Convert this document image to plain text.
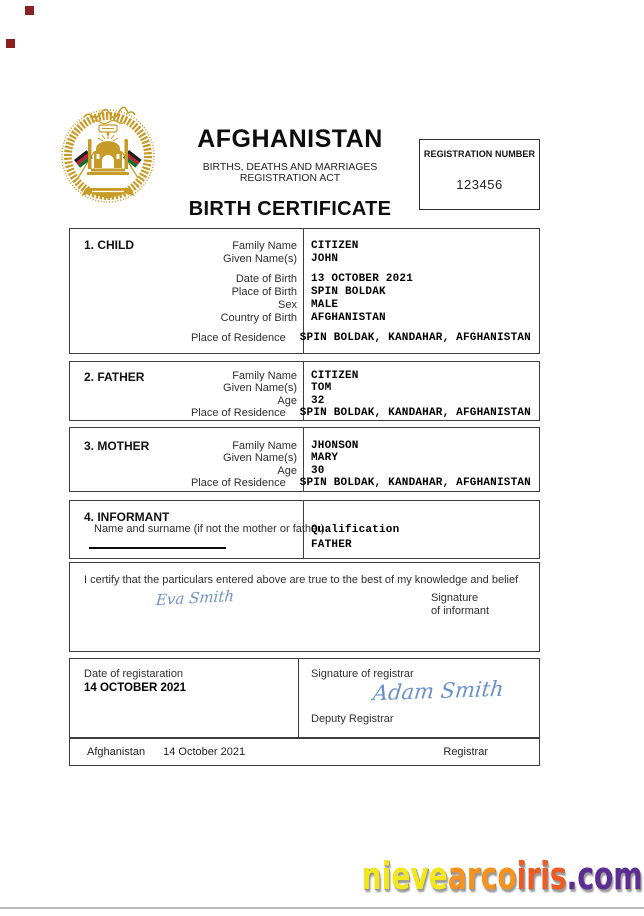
AFGHANISTAN
BIRTHS, DEATHS AND MARRIAGES REGISTRATION ACT
BIRTH CERTIFICATE
REGISTRATION NUMBER
123456
1. CHILD	Family Name CITIZEN
Given Name(s) JOHN
Date of Birth 13 OCTOBER 2021
Place of Birth SPIN BOLDAK
Sex MALE
Country of Birth AFGHANISTAN
Place of Residence SPIN BOLDAK, KANDAHAR, AFGHANISTAN
2. FATHER	Family Name CITIZEN
Given Name(s) TOM
Age 32
Place of Residence SPIN BOLDAK, KANDAHAR, AFGHANISTAN
3. MOTHER	Family Name JHONSON
Given Name(s) MARY
Age 30
Place of Residence SPIN BOLDAK, KANDAHAR, AFGHANISTAN
4. INFORMANT
Name and surname (if not the mother or father)
Qualification
FATHER
I certify that the particulars entered above are true to the best of my knowledge and belief
Eva Smith	Signature
of informant
Date of registaration
14 OCTOBER 2021
Signature of registrar
Adam Smith
Deputy Registrar
Afghanistan 14 October 2021	Registrar
nievearcoiris.com
